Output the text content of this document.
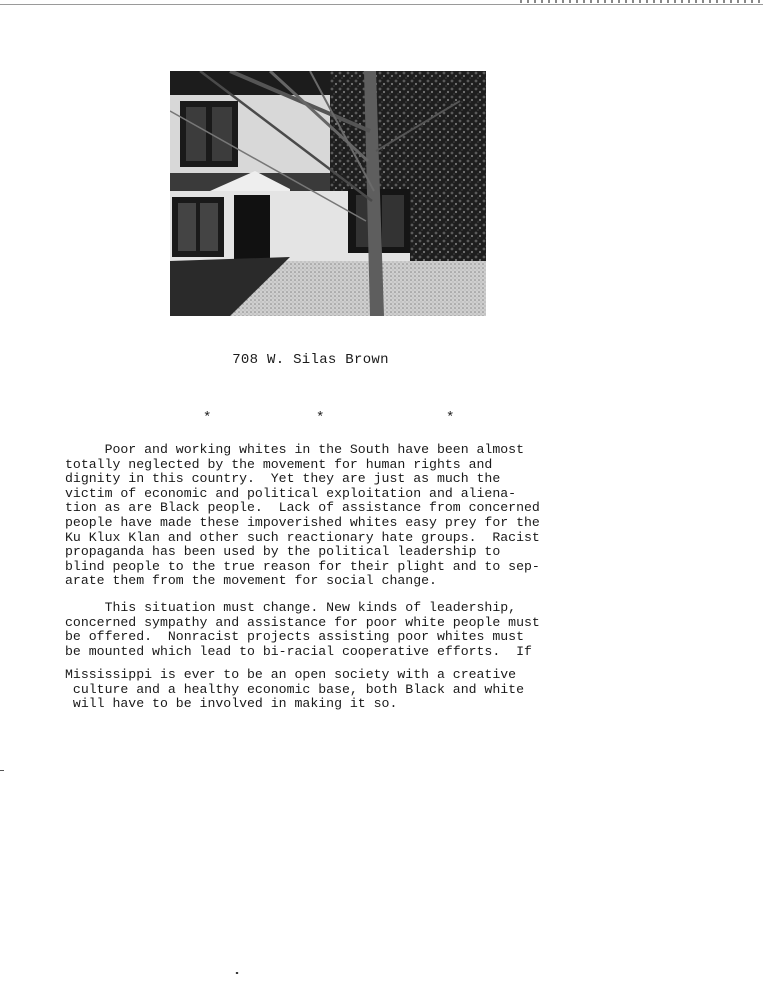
708 W. Silas Brown
*	*	*
Poor and working whites in the South have been almost
totally neglected by the movement for human rights and
dignity in this country.  Yet they are just as much the
victim of economic and political exploitation and aliena-
tion as are Black people.  Lack of assistance from concerned
people have made these impoverished whites easy prey for the
Ku Klux Klan and other such reactionary hate groups.  Racist
propaganda has been used by the political leadership to
blind people to the true reason for their plight and to sep-
arate them from the movement for social change.
This situation must change. New kinds of leadership,
concerned sympathy and assistance for poor white people must
be offered.  Nonracist projects assisting poor whites must
be mounted which lead to bi-racial cooperative efforts.  If
Mississippi is ever to be an open society with a creative
culture and a healthy economic base, both Black and white
will have to be involved in making it so.
